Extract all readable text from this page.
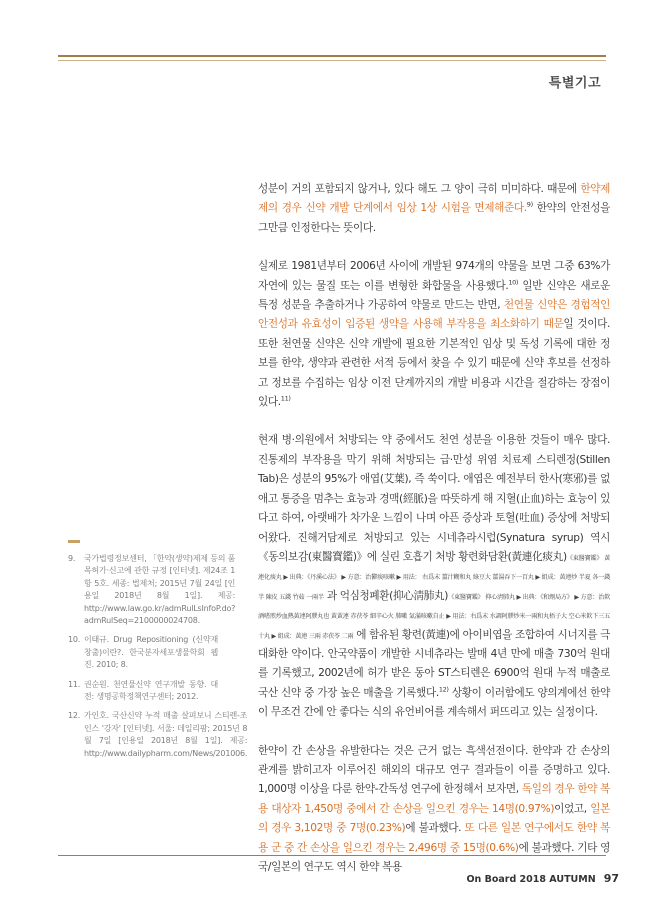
특별기고

성분이 거의 포함되지 않거나, 있다 해도 그 양이 극히 미미하다. 때문에 한약제제의 경우 신약 개발 단계에서 임상 1상 시험을 면제해준다.$^{9)}$ 한약의 안전성을 그만큼 인정한다는 뜻이다.

실제로 1981년부터 2006년 사이에 개발된 974개의 약물을 보면 그중 63%가 자연에 있는 물질 또는 이를 변형한 화합물을 사용했다.$^{10)}$ 일반 신약은 새로운 특정 성분을 추출하거나 가공하여 약물로 만드는 반면, 천연물 신약은 경험적인 안전성과 유효성이 입증된 생약을 사용해 부작용을 최소화하기 때문일 것이다. 또한 천연물 신약은 신약 개발에 필요한 기본적인 임상 및 독성 기록에 대한 정보를 한약, 생약과 관련한 서적 등에서 찾을 수 있기 때문에 신약 후보를 선정하고 정보를 수집하는 임상 이전 단계까지의 개발 비용과 시간을 절감하는 장점이 있다.$^{11)}$

현재 병·의원에서 처방되는 약 중에서도 천연 성분을 이용한 것들이 매우 많다. 진통제의 부작용을 막기 위해 처방되는 급·만성 위염 치료제 스티렌정(Stillen Tab)은 성분의 95%가 애엽(艾葉), 즉 쑥이다. 애엽은 예전부터 한사(寒邪)를 없애고 통증을 멈추는 효능과 경맥(經脈)을 따뜻하게 해 지혈(止血)하는 효능이 있다고 하여, 아랫배가 차가운 느낌이 나며 아픈 증상과 토혈(吐血) 증상에 처방되어왔다. 진해거담제로 처방되고 있는 시네츄라시럽(Synatura syrup) 역시 《동의보감(東醫寶鑑)》에 실린 호흡기 처방 황련화담환(黃連化痰丸)《東醫寶鑑》 黃連化痰丸 ▶ 出典：《丹溪心法》 ▶ 方意：治鬱痰咳嗽 ▶ 用法： 右爲末 薑汁糊和丸 綠豆大 薑湯吞下一百丸 ▶ 組成：黃連炒 半夏 各一錢半 陳皮 五錢 竹茹 一兩半 과 억심청폐환(抑心淸肺丸)《東醫寶鑑》 抑心淸肺丸 ▶ 出典：《和劑局方》 ▶ 方意：治飮酒嗜煎炒血熱黃連阿膠丸也 黃黃連 赤茯苓 細辛心火 肺嗽 氣滿咳嗽自止 ▶ 用法：右爲末 水調阿膠炒米一兩和丸梧子大 空心米飮下三五十丸 ▶ 組成：黃連 三兩 赤茯苓 二兩 에 함유된 황련(黃連)에 아이비엽을 조합하여 시너지를 극대화한 약이다. 안국약품이 개발한 시네츄라는 발매 4년 만에 매출 730억 원대를 기록했고, 2002년에 허가 받은 동아 ST스티렌은 6900억 원대 누적 매출로 국산 신약 중 가장 높은 매출을 기록했다.$^{12)}$ 상황이 이러함에도 양의계에선 한약이 무조건 간에 안 좋다는 식의 유언비어를 계속해서 퍼뜨리고 있는 실정이다.

한약이 간 손상을 유발한다는 것은 근거 없는 흑색선전이다. 한약과 간 손상의 관계를 밝히고자 이루어진 해외의 대규모 연구 결과들이 이를 증명하고 있다. 1,000명 이상을 다룬 한약-간독성 연구에 한정해서 보자면, 독일의 경우 한약 복용 대상자 1,450명 중에서 간 손상을 일으킨 경우는 14명(0.97%)이었고, 일본의 경우 3,102명 중 7명(0.23%)에 불과했다. 또 다른 일본 연구에서도 한약 복용 군 중 간 손상을 일으킨 경우는 2,496명 중 15명(0.6%)에 불과했다. 기타 영국/일본의 연구도 역시 한약 복용

9.	국가법령정보센터, 「한약(생약)제제 등의 품목허가·신고에 관한 규정 [인터넷]. 제24조 1항 5호. 세종: 법제처; 2015년 7월 24일 [인용일 2018년 8월 1일]. 제공: http://www.law.go.kr/admRulLsInfoP.do?admRulSeq=2100000024708.
10. 이태규. Drug Repositioning (신약재창출)이란?. 한국분자세포생물학회 웹진. 2010; 8.
11. 권순원. 천연물신약 연구개발 동향. 대전: 생명공학정책연구센터; 2012.
12. 가인호. 국산신약 누적 매출 살펴보니 스티렌-조인스 '강자' [인터넷]. 서울: 데일리팜; 2015년 8월 7일 [인용일 2018년 8월 1일]. 제공: http://www.dailypharm.com/News/201006.
On Board 2018 AUTUMN 97
